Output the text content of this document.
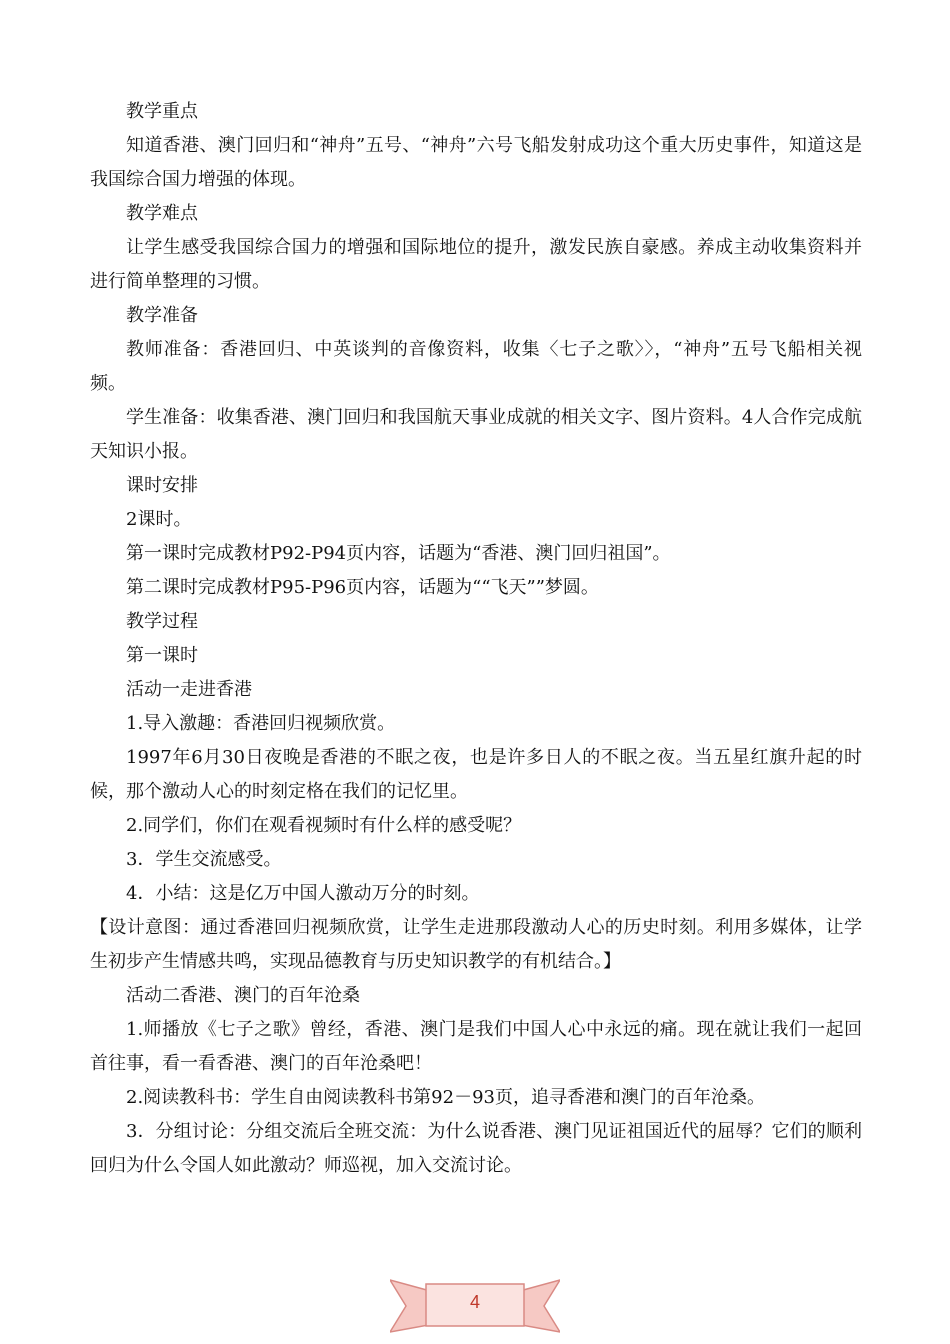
教学重点

知道香港、澳门回归和“神舟”五号、“神舟”六号飞船发射成功这个重大历史事件，知道这是我国综合国力增强的体现。

教学难点

让学生感受我国综合国力的增强和国际地位的提升，激发民族自豪感。养成主动收集资料并进行简单整理的习惯。

教学准备

教师准备：香港回归、中英谈判的音像资料，收集〈七子之歌〉〉，“神舟”五号飞船相关视频。

学生准备：收集香港、澳门回归和我国航天事业成就的相关文字、图片资料。4人合作完成航天知识小报。

课时安排

2课时。

第一课时完成教材P92-P94页内容，话题为“香港、澳门回归祖国”。

第二课时完成教材P95-P96页内容，话题为““飞天””梦圆。

教学过程

第一课时

活动一走进香港

1.导入激趣：香港回归视频欣赏。

1997年6月30日夜晚是香港的不眠之夜，也是许多日人的不眠之夜。当五星红旗升起的时候，那个激动人心的时刻定格在我们的记忆里。

2.同学们，你们在观看视频时有什么样的感受呢？

3．学生交流感受。

4．小结：这是亿万中国人激动万分的时刻。

【设计意图：通过香港回归视频欣赏，让学生走进那段激动人心的历史时刻。利用多媒体，让学生初步产生情感共鸣，实现品德教育与历史知识教学的有机结合。】

活动二香港、澳门的百年沧桑

1.师播放《七子之歌》曾经，香港、澳门是我们中国人心中永远的痛。现在就让我们一起回首往事，看一看香港、澳门的百年沧桑吧！

2.阅读教科书：学生自由阅读教科书第92－93页，追寻香港和澳门的百年沧桑。

3．分组讨论：分组交流后全班交流：为什么说香港、澳门见证祖国近代的屈辱？它们的顺利回归为什么令国人如此激动？师巡视，加入交流讨论。

4
